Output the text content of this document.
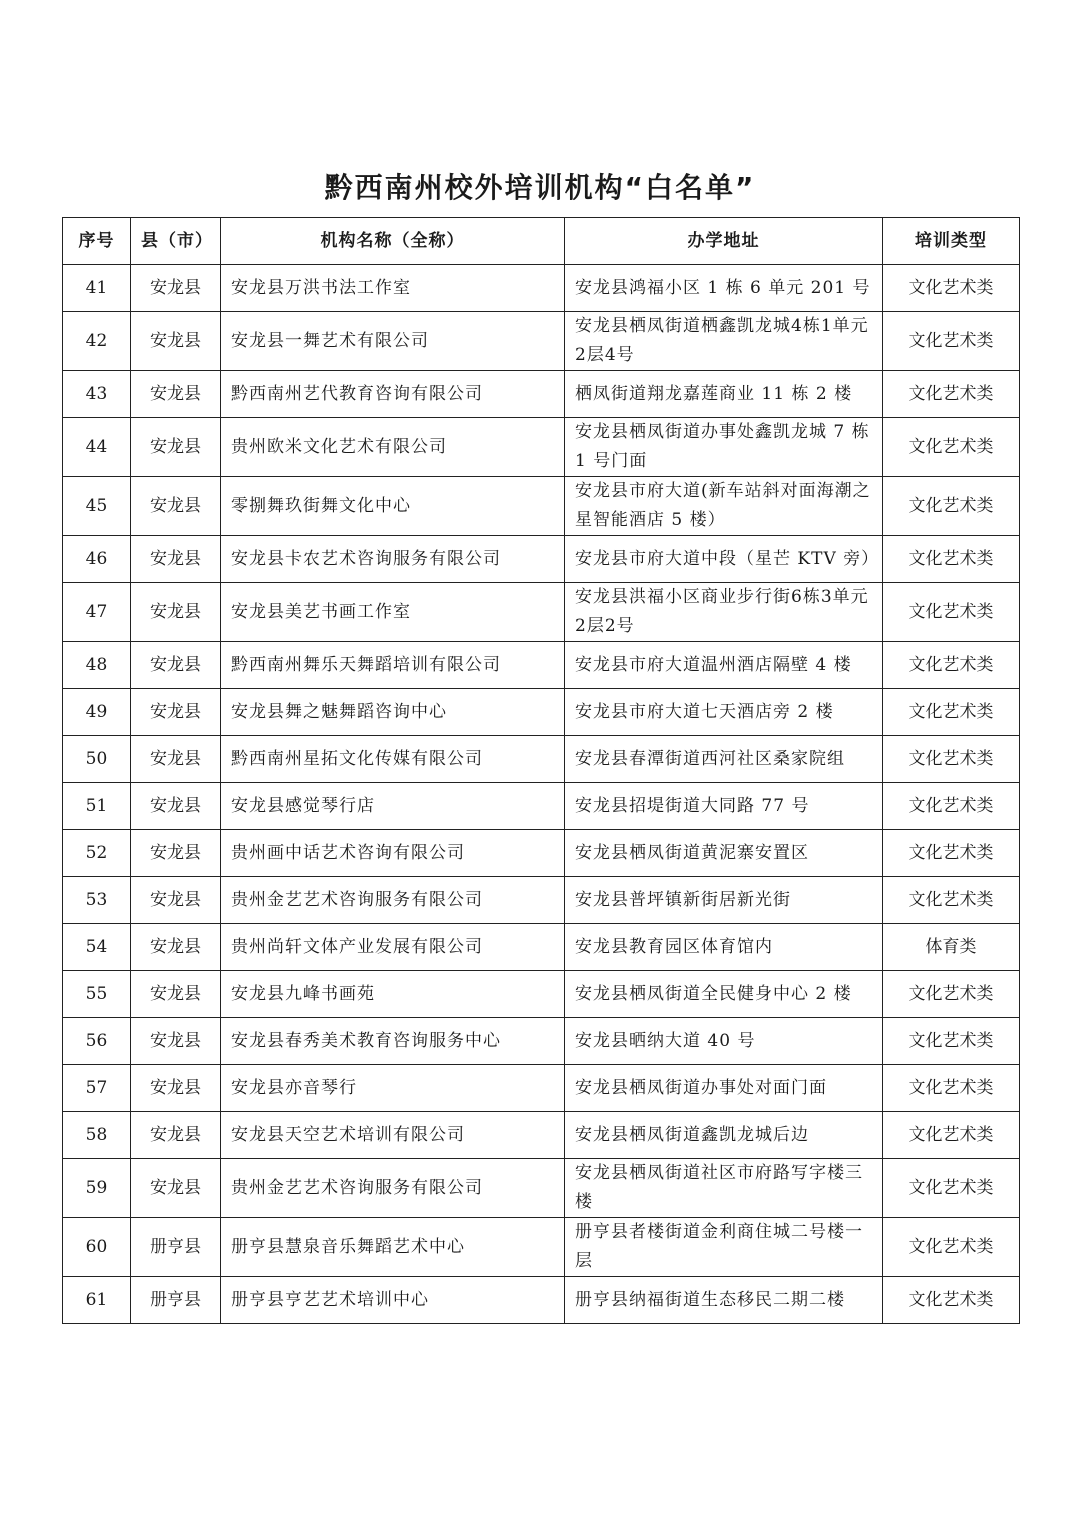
黔西南州校外培训机构“白名单”
序号	县（市）	机构名称（全称）	办学地址	培训类型
41	安龙县	安龙县万洪书法工作室	安龙县鸿福小区 1 栋 6 单元 201 号	文化艺术类
42	安龙县	安龙县一舞艺术有限公司	安龙县栖凤街道栖鑫凯龙城4栋1单元2层4号	文化艺术类
43	安龙县	黔西南州艺代教育咨询有限公司	栖凤街道翔龙嘉莲商业 11 栋 2 楼	文化艺术类
44	安龙县	贵州欧米文化艺术有限公司	安龙县栖凤街道办事处鑫凯龙城 7 栋 1 号门面	文化艺术类
45	安龙县	零捌舞玖街舞文化中心	安龙县市府大道(新车站斜对面海潮之星智能酒店 5 楼）	文化艺术类
46	安龙县	安龙县卡农艺术咨询服务有限公司	安龙县市府大道中段（星芒 KTV 旁）	文化艺术类
47	安龙县	安龙县美艺书画工作室	安龙县洪福小区商业步行街6栋3单元2层2号	文化艺术类
48	安龙县	黔西南州舞乐天舞蹈培训有限公司	安龙县市府大道温州酒店隔壁 4 楼	文化艺术类
49	安龙县	安龙县舞之魅舞蹈咨询中心	安龙县市府大道七天酒店旁 2 楼	文化艺术类
50	安龙县	黔西南州星拓文化传媒有限公司	安龙县春潭街道西河社区桑家院组	文化艺术类
51	安龙县	安龙县感觉琴行店	安龙县招堤街道大同路 77 号	文化艺术类
52	安龙县	贵州画中话艺术咨询有限公司	安龙县栖凤街道黄泥寨安置区	文化艺术类
53	安龙县	贵州金艺艺术咨询服务有限公司	安龙县普坪镇新街居新光街	文化艺术类
54	安龙县	贵州尚轩文体产业发展有限公司	安龙县教育园区体育馆内	体育类
55	安龙县	安龙县九峰书画苑	安龙县栖凤街道全民健身中心 2 楼	文化艺术类
56	安龙县	安龙县春秀美术教育咨询服务中心	安龙县晒纳大道 40 号	文化艺术类
57	安龙县	安龙县亦音琴行	安龙县栖凤街道办事处对面门面	文化艺术类
58	安龙县	安龙县天空艺术培训有限公司	安龙县栖凤街道鑫凯龙城后边	文化艺术类
59	安龙县	贵州金艺艺术咨询服务有限公司	安龙县栖凤街道社区市府路写字楼三楼	文化艺术类
60	册亨县	册亨县慧泉音乐舞蹈艺术中心	册亨县者楼街道金利商住城二号楼一层	文化艺术类
61	册亨县	册亨县亨艺艺术培训中心	册亨县纳福街道生态移民二期二楼	文化艺术类
